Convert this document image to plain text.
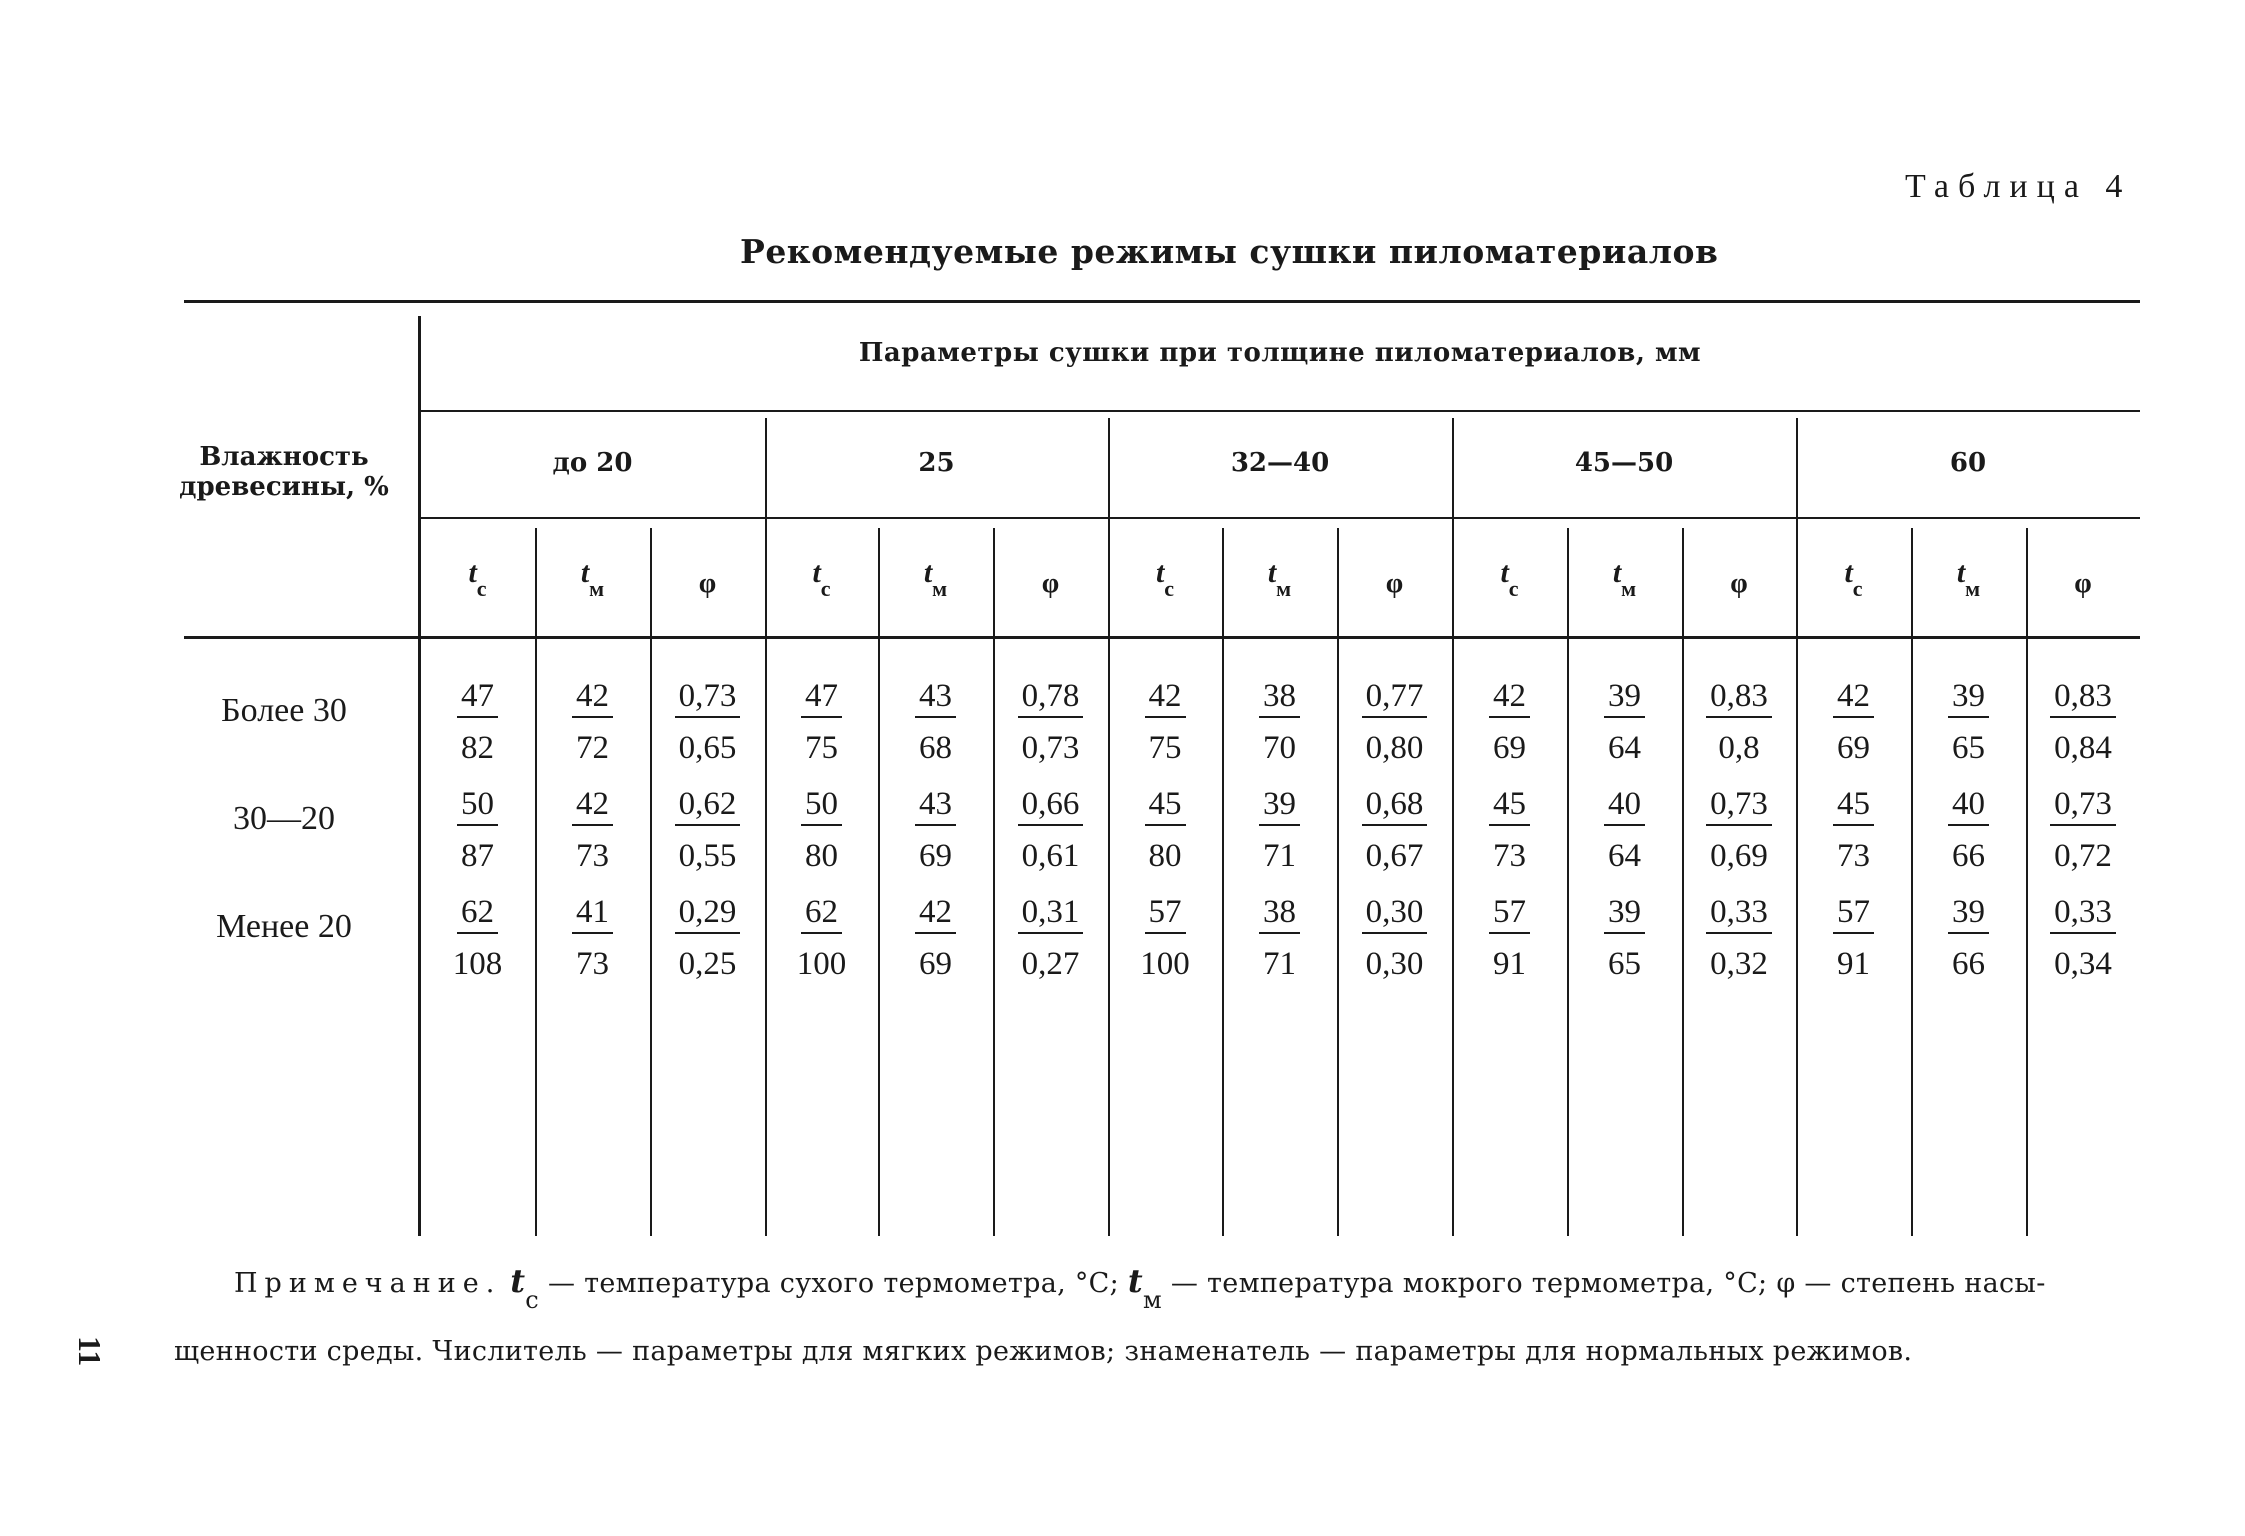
Таблица 4
Рекомендуемые режимы сушки пиломатериалов
Влажность
древесины, %
Параметры сушки при толщине пиломатериалов, мм
до 20	25	32—40	45—50	60
$t_с$	$t_м$	φ	$t_с$	$t_м$	φ	$t_с$	$t_м$	φ	$t_с$	$t_м$	φ	$t_с$	$t_м$	φ
Более 30	$\frac{47}{82} \frac{42}{72} \frac{0,73}{0,65} \frac{47}{75} \frac{43}{68} \frac{0,78}{0,73} \frac{42}{75} \frac{38}{70} \frac{0,77}{0,80} \frac{42}{69} \frac{39}{64} \frac{0,83}{0,8} \frac{42}{69} \frac{39}{65} \frac{0,83}{0,84}$
30—20	$\frac{50}{87} \frac{42}{73} \frac{0,62}{0,55} \frac{50}{80} \frac{43}{69} \frac{0,66}{0,61} \frac{45}{80} \frac{39}{71} \frac{0,68}{0,67} \frac{45}{73} \frac{40}{64} \frac{0,73}{0,69} \frac{45}{73} \frac{40}{66} \frac{0,73}{0,72}$
Менее 20	$\frac{62}{108} \frac{41}{73} \frac{0,29}{0,25} \frac{62}{100} \frac{42}{69} \frac{0,31}{0,27} \frac{57}{100} \frac{38}{71} \frac{0,30}{0,30} \frac{57}{91} \frac{39}{65} \frac{0,33}{0,32} \frac{57}{91} \frac{39}{66} \frac{0,33}{0,34}$
Примечание. tс — температура сухого термометра, °С; tм — температура мокрого термометра, °С; φ — степень насы-
щенности среды. Числитель — параметры для мягких режимов; знаменатель — параметры для нормальных режимов.
11
